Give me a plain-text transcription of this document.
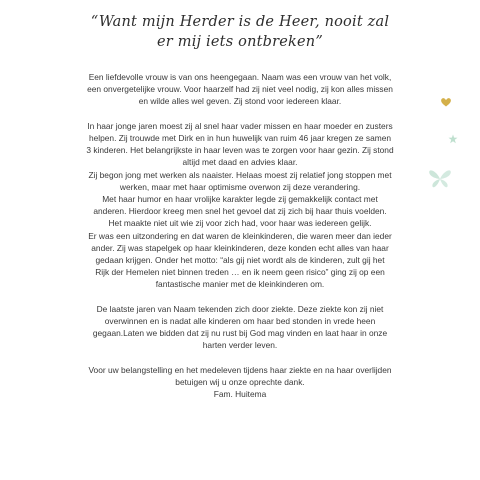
“Want mijn Herder is de Heer, nooit zal
er mij iets ontbreken”
Een liefdevolle vrouw is van ons heengegaan. Naam was een vrouw van het volk,
een onvergetelijke vrouw. Voor haarzelf had zij niet veel nodig, zij kon alles missen
en wilde alles wel geven. Zij stond voor iedereen klaar.
In haar jonge jaren moest zij al snel haar vader missen en haar moeder en zusters
helpen. Zij trouwde met Dirk en in hun huwelijk van ruim 46 jaar kregen ze samen
3 kinderen. Het belangrijkste in haar leven was te zorgen voor haar gezin. Zij stond
altijd met daad en advies klaar.
Zij begon jong met werken als naaister. Helaas moest zij relatief jong stoppen met
werken, maar met haar optimisme overwon zij deze verandering.
Met haar humor en haar vrolijke karakter legde zij gemakkelijk contact met
anderen. Hierdoor kreeg men snel het gevoel dat zij zich bij haar thuis voelden.
Het maakte niet uit wie zij voor zich had, voor haar was iedereen gelijk.
Er was een uitzondering en dat waren de kleinkinderen, die waren meer dan ieder
ander. Zij was stapelgek op haar kleinkinderen, deze konden echt alles van haar
gedaan krijgen. Onder het motto: “als gij niet wordt als de kinderen, zult gij het
Rijk der Hemelen niet binnen treden … en ik neem geen risico” ging zij op een
fantastische manier met de kleinkinderen om.
De laatste jaren van Naam tekenden zich door ziekte. Deze ziekte kon zij niet
overwinnen en is nadat alle kinderen om haar bed stonden in vrede heen
gegaan.Laten we bidden dat zij nu rust bij God mag vinden en laat haar in onze
harten verder leven.
Voor uw belangstelling en het medeleven tijdens haar ziekte en na haar overlijden
betuigen wij u onze oprechte dank.
Fam. Huitema
